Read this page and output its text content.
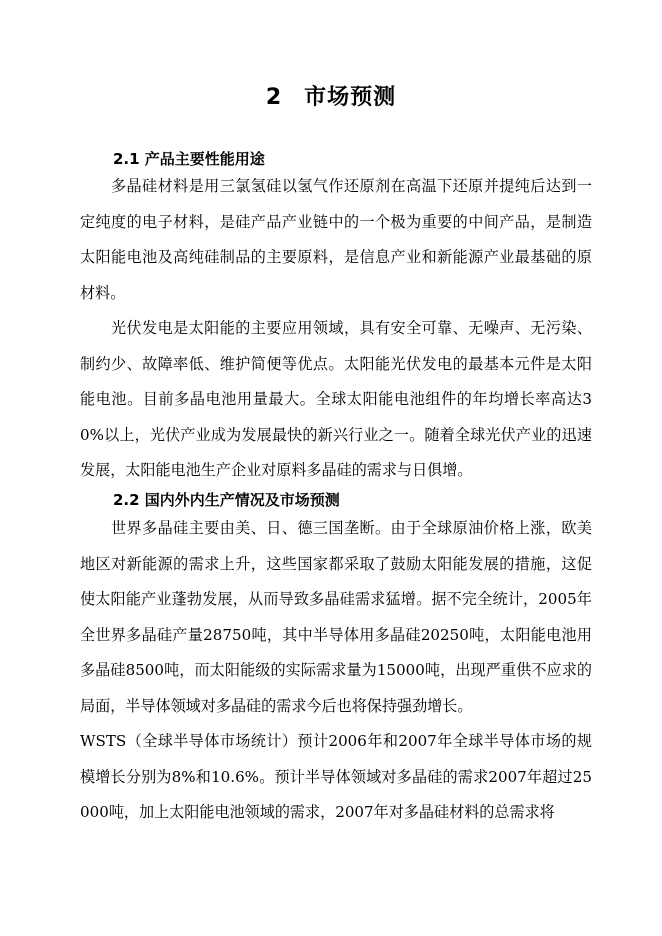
2 市场预测
2.1 产品主要性能用途

多晶硅材料是用三氯氢硅以氢气作还原剂在高温下还原并提纯后达到一定纯度的电子材料，是硅产品产业链中的一个极为重要的中间产品，是制造太阳能电池及高纯硅制品的主要原料，是信息产业和新能源产业最基础的原材料。

光伏发电是太阳能的主要应用领域，具有安全可靠、无噪声、无污染、制约少、故障率低、维护简便等优点。太阳能光伏发电的最基本元件是太阳能电池。目前多晶电池用量最大。全球太阳能电池组件的年均增长率高达30%以上，光伏产业成为发展最快的新兴行业之一。随着全球光伏产业的迅速发展，太阳能电池生产企业对原料多晶硅的需求与日俱增。

2.2 国内外内生产情况及市场预测

世界多晶硅主要由美、日、德三国垄断。由于全球原油价格上涨，欧美地区对新能源的需求上升，这些国家都采取了鼓励太阳能发展的措施，这促使太阳能产业蓬勃发展，从而导致多晶硅需求猛增。据不完全统计，2005年全世界多晶硅产量28750吨，其中半导体用多晶硅20250吨，太阳能电池用多晶硅8500吨，而太阳能级的实际需求量为15000吨，出现严重供不应求的局面，半导体领域对多晶硅的需求今后也将保持强劲增长。

WSTS（全球半导体市场统计）预计2006年和2007年全球半导体市场的规模增长分别为8%和10.6%。预计半导体领域对多晶硅的需求2007年超过25000吨，加上太阳能电池领域的需求，2007年对多晶硅材料的总需求将
